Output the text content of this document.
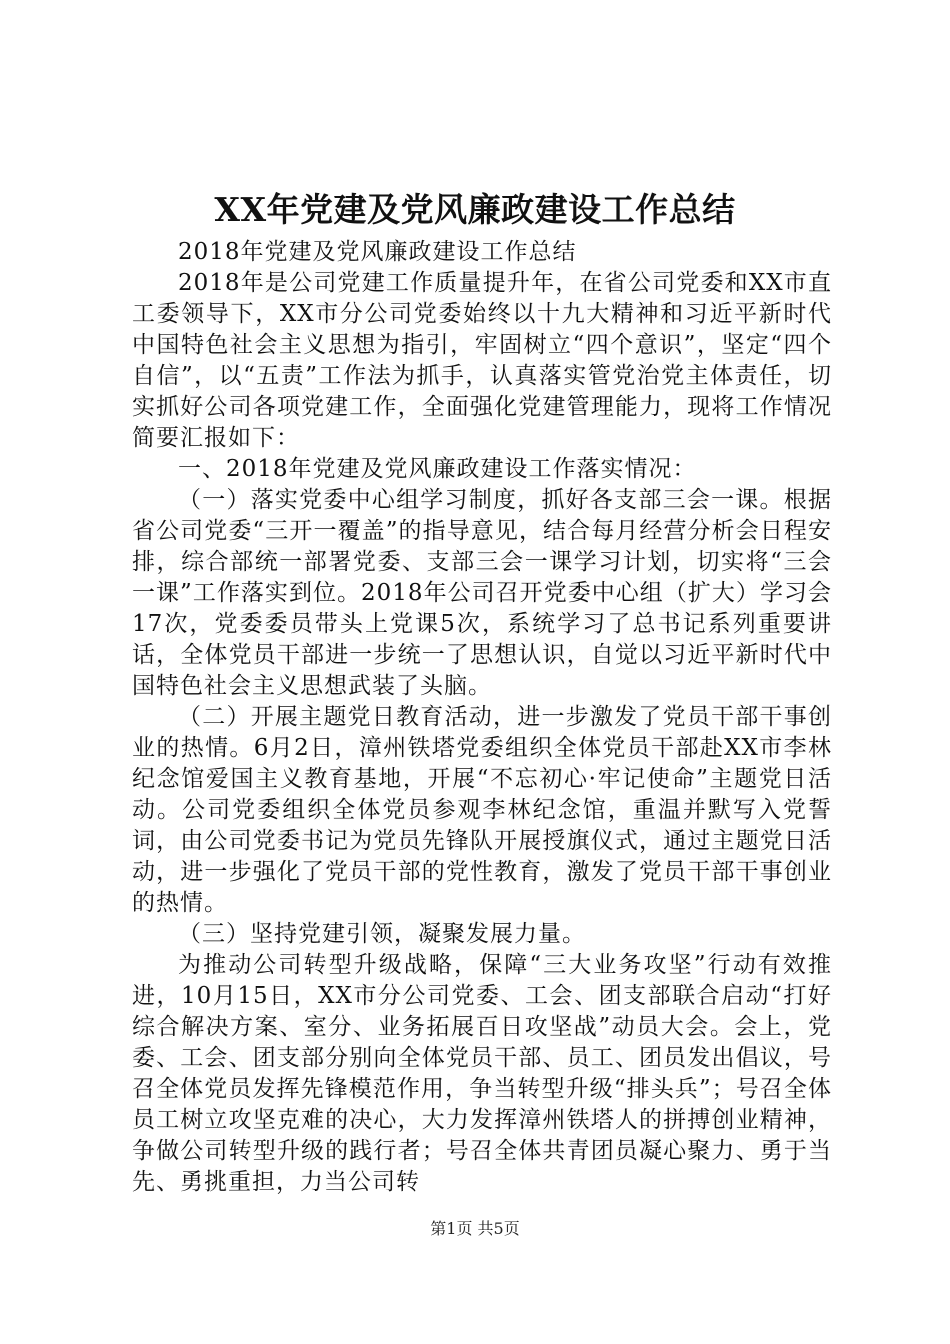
XX年党建及党风廉政建设工作总结

2018年党建及党风廉政建设工作总结

2018年是公司党建工作质量提升年，在省公司党委和XX市直工委领导下，XX市分公司党委始终以十九大精神和习近平新时代中国特色社会主义思想为指引，牢固树立“四个意识”，坚定“四个自信”，以“五责”工作法为抓手，认真落实管党治党主体责任，切实抓好公司各项党建工作，全面强化党建管理能力，现将工作情况简要汇报如下：

一、2018年党建及党风廉政建设工作落实情况：

（一）落实党委中心组学习制度，抓好各支部三会一课。根据省公司党委“三开一覆盖”的指导意见，结合每月经营分析会日程安排，综合部统一部署党委、支部三会一课学习计划，切实将“三会一课”工作落实到位。2018年公司召开党委中心组（扩大）学习会17次，党委委员带头上党课5次，系统学习了总书记系列重要讲话，全体党员干部进一步统一了思想认识，自觉以习近平新时代中国特色社会主义思想武装了头脑。

（二）开展主题党日教育活动，进一步激发了党员干部干事创业的热情。6月2日，漳州铁塔党委组织全体党员干部赴XX市李林纪念馆爱国主义教育基地，开展“不忘初心·牢记使命”主题党日活动。公司党委组织全体党员参观李林纪念馆，重温并默写入党誓词，由公司党委书记为党员先锋队开展授旗仪式，通过主题党日活动，进一步强化了党员干部的党性教育，激发了党员干部干事创业的热情。

（三）坚持党建引领，凝聚发展力量。

为推动公司转型升级战略，保障“三大业务攻坚”行动有效推进，10月15日，XX市分公司党委、工会、团支部联合启动“打好综合解决方案、室分、业务拓展百日攻坚战”动员大会。会上，党委、工会、团支部分别向全体党员干部、员工、团员发出倡议，号召全体党员发挥先锋模范作用，争当转型升级“排头兵”；号召全体员工树立攻坚克难的决心，大力发挥漳州铁塔人的拼搏创业精神，争做公司转型升级的践行者；号召全体共青团员凝心聚力、勇于当先、勇挑重担，力当公司转

第1页 共5页
